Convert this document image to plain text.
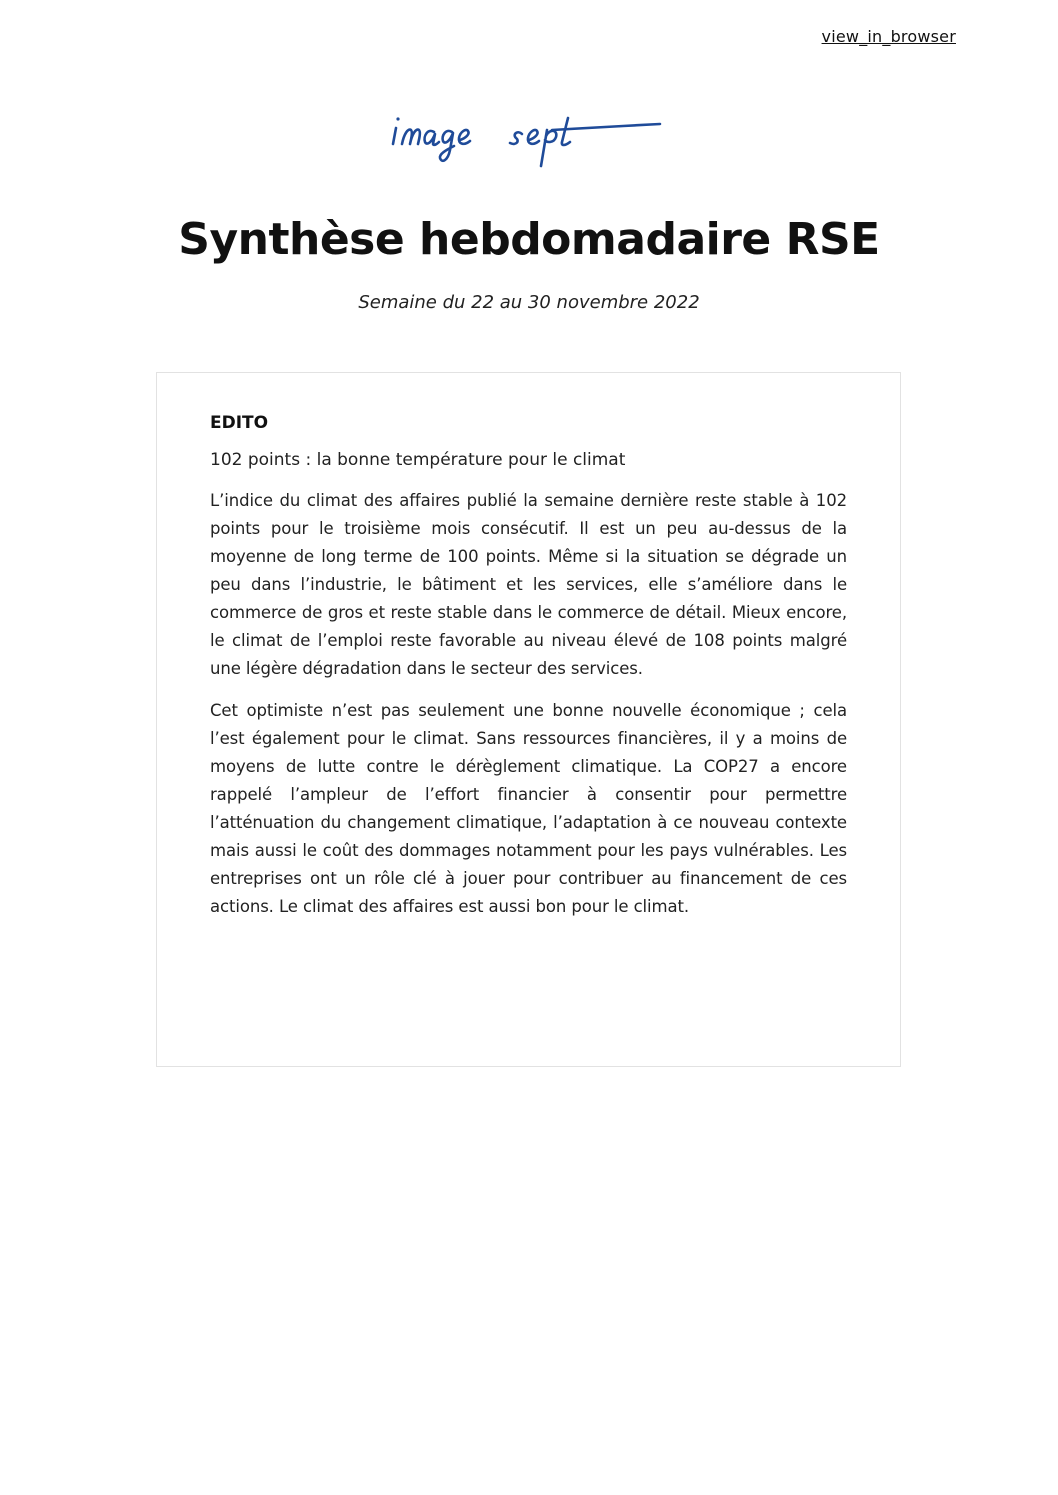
view_in_browser
Synthèse hebdomadaire RSE
Semaine du 22 au 30 novembre 2022
EDITO
102 points : la bonne température pour le climat

L’indice du climat des affaires publié la semaine dernière reste stable à 102 points pour le troisième mois consécutif. Il est un peu au-dessus de la moyenne de long terme de 100 points. Même si la situation se dégrade un peu dans l’industrie, le bâtiment et les services, elle s’améliore dans le commerce de gros et reste stable dans le commerce de détail. Mieux encore, le climat de l’emploi reste favorable au niveau élevé de 108 points malgré une légère dégradation dans le secteur des services.

Cet optimiste n’est pas seulement une bonne nouvelle économique ; cela l’est également pour le climat. Sans ressources financières, il y a moins de moyens de lutte contre le dérèglement climatique. La COP27 a encore rappelé l’ampleur de l’effort financier à consentir pour permettre l’atténuation du changement climatique, l’adaptation à ce nouveau contexte mais aussi le coût des dommages notamment pour les pays vulnérables. Les entreprises ont un rôle clé à jouer pour contribuer au financement de ces actions. Le climat des affaires est aussi bon pour le climat.
